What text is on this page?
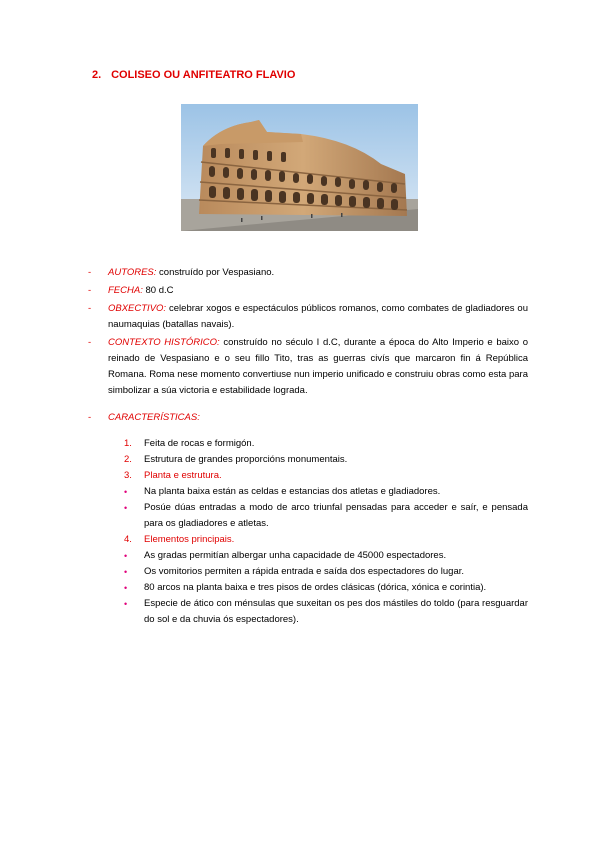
2. COLISEO OU ANFITEATRO FLAVIO
- AUTORES: construído por Vespasiano.
- FECHA: 80 d.C
- OBXECTIVO: celebrar xogos e espectáculos públicos romanos, como combates de gladiadores ou naumaquias (batallas navais).
- CONTEXTO HISTÓRICO: construído no século I d.C, durante a época do Alto Imperio e baixo o reinado de Vespasiano e o seu fillo Tito, tras as guerras civís que marcaron fin á República Romana. Roma nese momento convertiuse nun imperio unificado e construiu obras como esta para simbolizar a súa victoria e estabilidade lograda.
- CARACTERÍSTICAS:
1. Feita de rocas e formigón.
2. Estrutura de grandes proporcións monumentais.
3. Planta e estrutura.
• Na planta baixa están as celdas e estancias dos atletas e gladiadores.
• Posúe dúas entradas a modo de arco triunfal pensadas para acceder e saír, e pensada para os gladiadores e atletas.
4. Elementos principais.
• As gradas permitían albergar unha capacidade de 45000 espectadores.
• Os vomitorios permiten a rápida entrada e saída dos espectadores do lugar.
• 80 arcos na planta baixa e tres pisos de ordes clásicas (dórica, xónica e corintia).
• Especie de ático con ménsulas que suxeitan os pes dos mástiles do toldo (para resguardar do sol e da chuvia ós espectadores).
